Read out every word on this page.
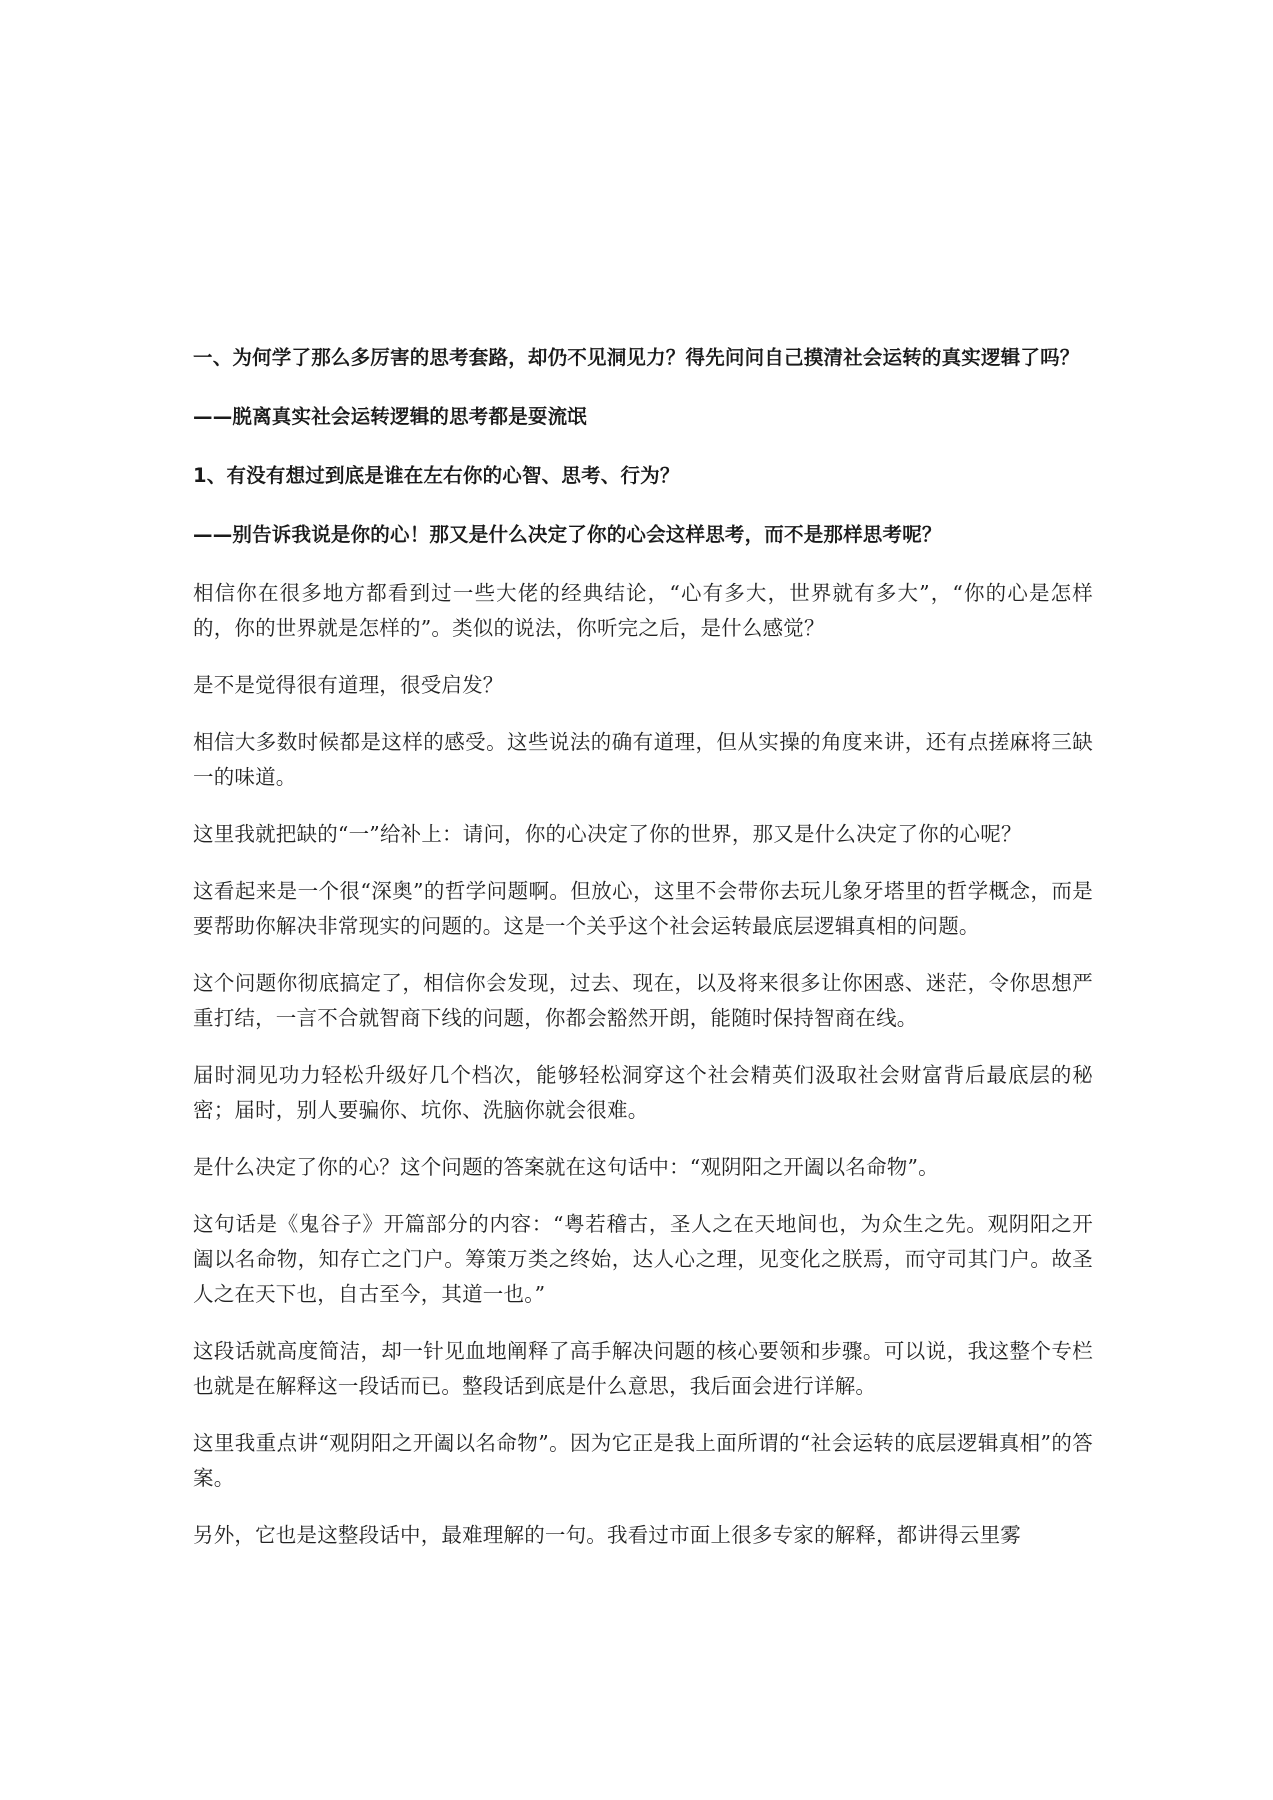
一、为何学了那么多厉害的思考套路，却仍不见洞见力？得先问问自己摸清社会运转的真实逻辑了吗？

——脱离真实社会运转逻辑的思考都是耍流氓

1、有没有想过到底是谁在左右你的心智、思考、行为？

——别告诉我说是你的心！那又是什么决定了你的心会这样思考，而不是那样思考呢？

相信你在很多地方都看到过一些大佬的经典结论，“心有多大，世界就有多大”，“你的心是怎样的，你的世界就是怎样的”。类似的说法，你听完之后，是什么感觉？

是不是觉得很有道理，很受启发？

相信大多数时候都是这样的感受。这些说法的确有道理，但从实操的角度来讲，还有点搓麻将三缺一的味道。

这里我就把缺的“一”给补上：请问，你的心决定了你的世界，那又是什么决定了你的心呢？

这看起来是一个很“深奥”的哲学问题啊。但放心，这里不会带你去玩儿象牙塔里的哲学概念，而是要帮助你解决非常现实的问题的。这是一个关乎这个社会运转最底层逻辑真相的问题。

这个问题你彻底搞定了，相信你会发现，过去、现在，以及将来很多让你困惑、迷茫，令你思想严重打结，一言不合就智商下线的问题，你都会豁然开朗，能随时保持智商在线。

届时洞见功力轻松升级好几个档次，能够轻松洞穿这个社会精英们汲取社会财富背后最底层的秘密；届时，别人要骗你、坑你、洗脑你就会很难。

是什么决定了你的心？这个问题的答案就在这句话中：“观阴阳之开阖以名命物”。

这句话是《鬼谷子》开篇部分的内容：“粤若稽古，圣人之在天地间也，为众生之先。观阴阳之开阖以名命物，知存亡之门户。筹策万类之终始，达人心之理，见变化之朕焉，而守司其门户。故圣人之在天下也，自古至今，其道一也。”

这段话就高度简洁，却一针见血地阐释了高手解决问题的核心要领和步骤。可以说，我这整个专栏也就是在解释这一段话而已。整段话到底是什么意思，我后面会进行详解。

这里我重点讲“观阴阳之开阖以名命物”。因为它正是我上面所谓的“社会运转的底层逻辑真相”的答案。

另外，它也是这整段话中，最难理解的一句。我看过市面上很多专家的解释，都讲得云里雾
